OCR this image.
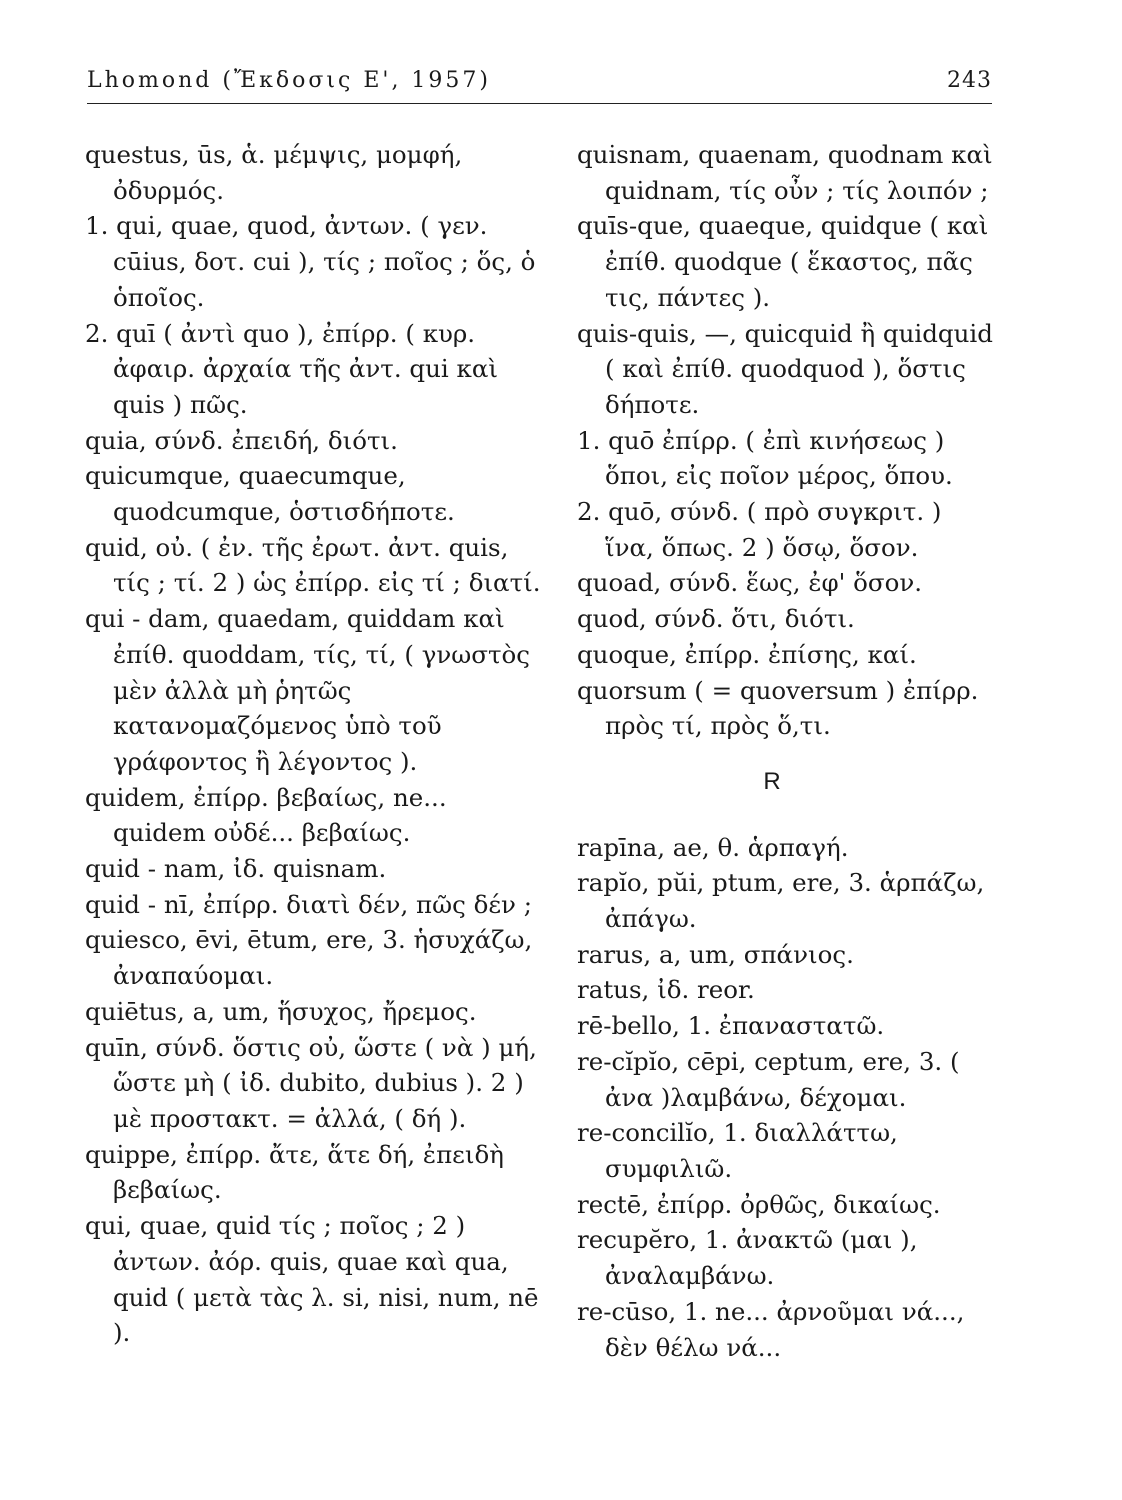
Lhomond (Ἔκδοσις Ε', 1957)	243

questus, ūs, ἁ. μέμψις, μομφή, ὀδυρμός.

1. qui, quae, quod, ἀντων. ( γεν. cūius, δοτ. cui ), τίς ; ποῖος ; ὅς, ὁ ὁποῖος.

2. quī ( ἀντὶ quo ), ἐπίρρ. ( κυρ. ἀφαιρ. ἀρχαία τῆς ἀντ. qui καὶ quis ) πῶς.

quia, σύνδ. ἐπειδή, διότι.

quicumque, quaecumque, quodcumque, ὁστισδήποτε.

quid, οὐ. ( ἐν. τῆς ἐρωτ. ἀντ. quis, τίς ; τί. 2 ) ὡς ἐπίρρ. εἰς τί ; διατί.

qui - dam, quaedam, quiddam καὶ ἐπίθ. quoddam, τίς, τί, ( γνωστὸς μὲν ἀλλὰ μὴ ῥητῶς κατανομαζόμενος ὑπὸ τοῦ γράφοντος ἢ λέγοντος ).

quidem, ἐπίρρ. βεβαίως, ne... quidem οὐδέ... βεβαίως.

quid - nam, ἰδ. quisnam.

quid - nī, ἐπίρρ. διατὶ δέν, πῶς δέν ;

quiesco, ēvi, ētum, ere, 3. ἡσυχάζω, ἀναπαύομαι.

quiētus, a, um, ἥσυχος, ἤρεμος.

quīn, σύνδ. ὅστις οὐ, ὥστε ( νὰ ) μή, ὥστε μὴ ( ἰδ. dubito, dubius ). 2 ) μὲ προστακτ. = ἀλλά, ( δή ).

quippe, ἐπίρρ. ἄτε, ἅτε δή, ἐπειδὴ βεβαίως.

qui, quae, quid τίς ; ποῖος ; 2 ) ἀντων. ἀόρ. quis, quae καὶ qua, quid ( μετὰ τὰς λ. si, nisi, num, nē ).

quisnam, quaenam, quodnam καὶ quidnam, τίς οὖν ; τίς λοιπόν ;

quīs-que, quaeque, quidque ( καὶ ἐπίθ. quodque ( ἕκαστος, πᾶς τις, πάντες ).

quis-quis, —, quicquid ἢ quidquid ( καὶ ἐπίθ. quodquod ), ὅστις δήποτε.

1. quō ἐπίρρ. ( ἐπὶ κινήσεως ) ὅποι, εἰς ποῖον μέρος, ὅπου.

2. quō, σύνδ. ( πρὸ συγκριτ. ) ἵνα, ὅπως. 2 ) ὅσῳ, ὅσον.

quoad, σύνδ. ἕως, ἐφ' ὅσον.

quod, σύνδ. ὅτι, διότι.

quoque, ἐπίρρ. ἐπίσης, καί.

quorsum ( = quoversum ) ἐπίρρ. πρὸς τί, πρὸς ὅ,τι.

R

rapīna, ae, θ. ἁρπαγή.

rapĭo, pŭi, ptum, ere, 3. ἁρπάζω, ἀπάγω.

rarus, a, um, σπάνιος.

ratus, ἰδ. reor.

rē-bello, 1. ἐπαναστατῶ.

re-cĭpĭo, cēpi, ceptum, ere, 3. ( ἀνα )λαμβάνω, δέχομαι.

re-concilĭo, 1. διαλλάττω, συμφιλιῶ.

rectē, ἐπίρρ. ὀρθῶς, δικαίως.

recupĕro, 1. ἀνακτῶ (μαι ), ἀναλαμβάνω.

re-cūso, 1. ne... ἀρνοῦμαι νά..., δὲν θέλω νά...
